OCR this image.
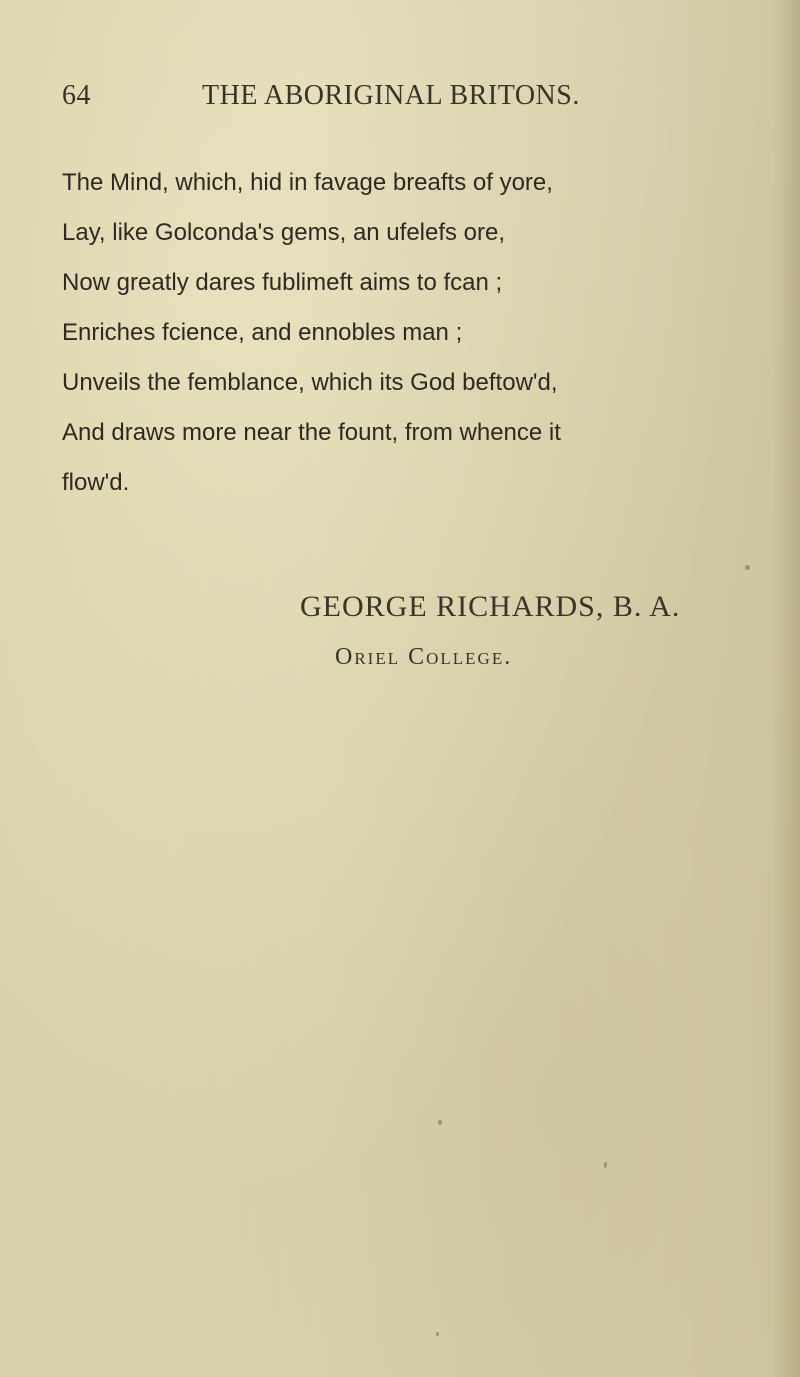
64	THE ABORIGINAL BRITONS.
The Mind, which, hid in favage breafts of yore,
Lay, like Golconda's gems, an ufelefs ore,
Now greatly dares fublimeft aims to fcan ;
Enriches fcience, and ennobles man ;
Unveils the femblance, which its God beftow'd,
And draws more near the fount, from whence it
flow'd.
GEORGE RICHARDS, B. A.
Oriel College.
